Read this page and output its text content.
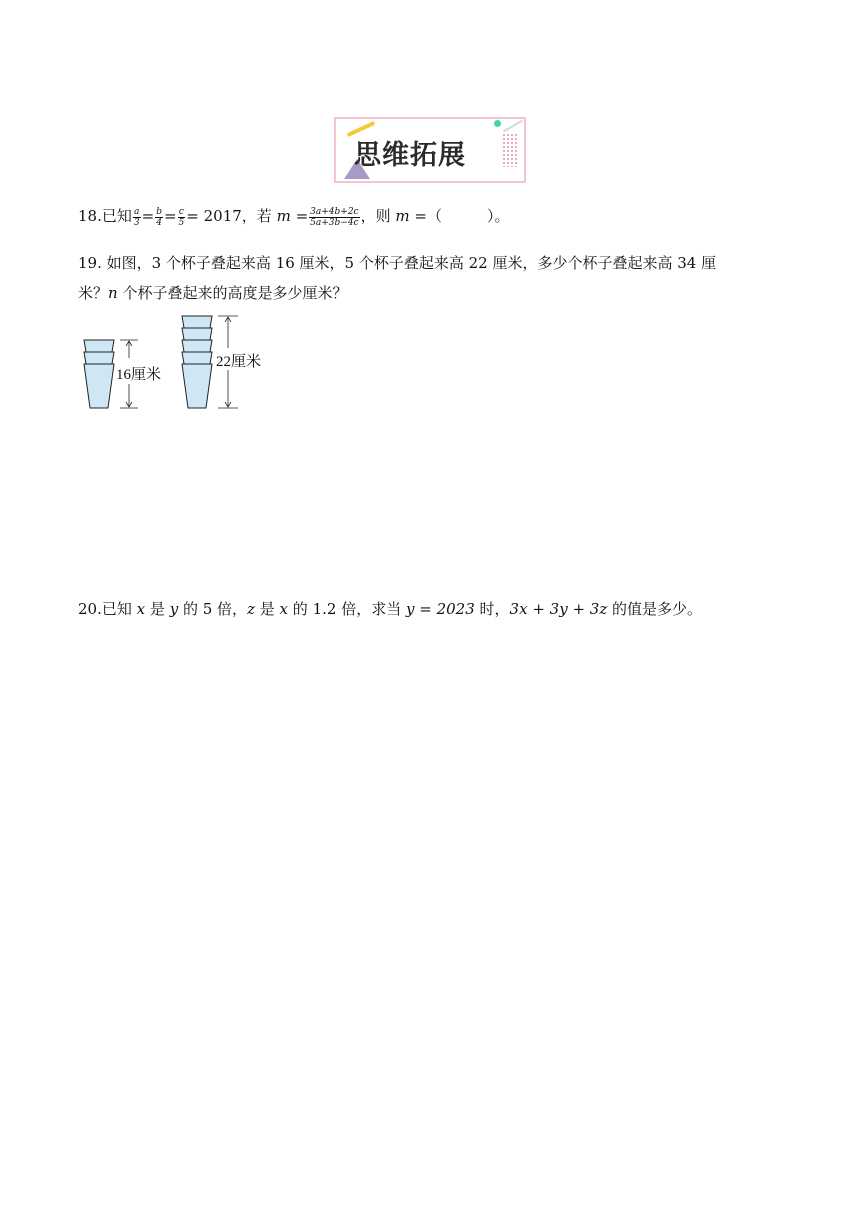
思维拓展
18.已知 $\frac{a}{3} = \frac{b}{4} = \frac{c}{5} = 2017$，若 $m = \frac{3a+4b+2c}{5a+3b-4c}$ ，则 m =（　　　）。
19. 如图，3 个杯子叠起来高 16 厘米，5 个杯子叠起来高 22 厘米，多少个杯子叠起来高 34 厘
米？n 个杯子叠起来的高度是多少厘米？
16厘米
22厘米
20.已知 x 是 y 的 5 倍，z 是 x 的 1.2 倍，求当 y = 2023 时，3x + 3y + 3z 的值是多少。
